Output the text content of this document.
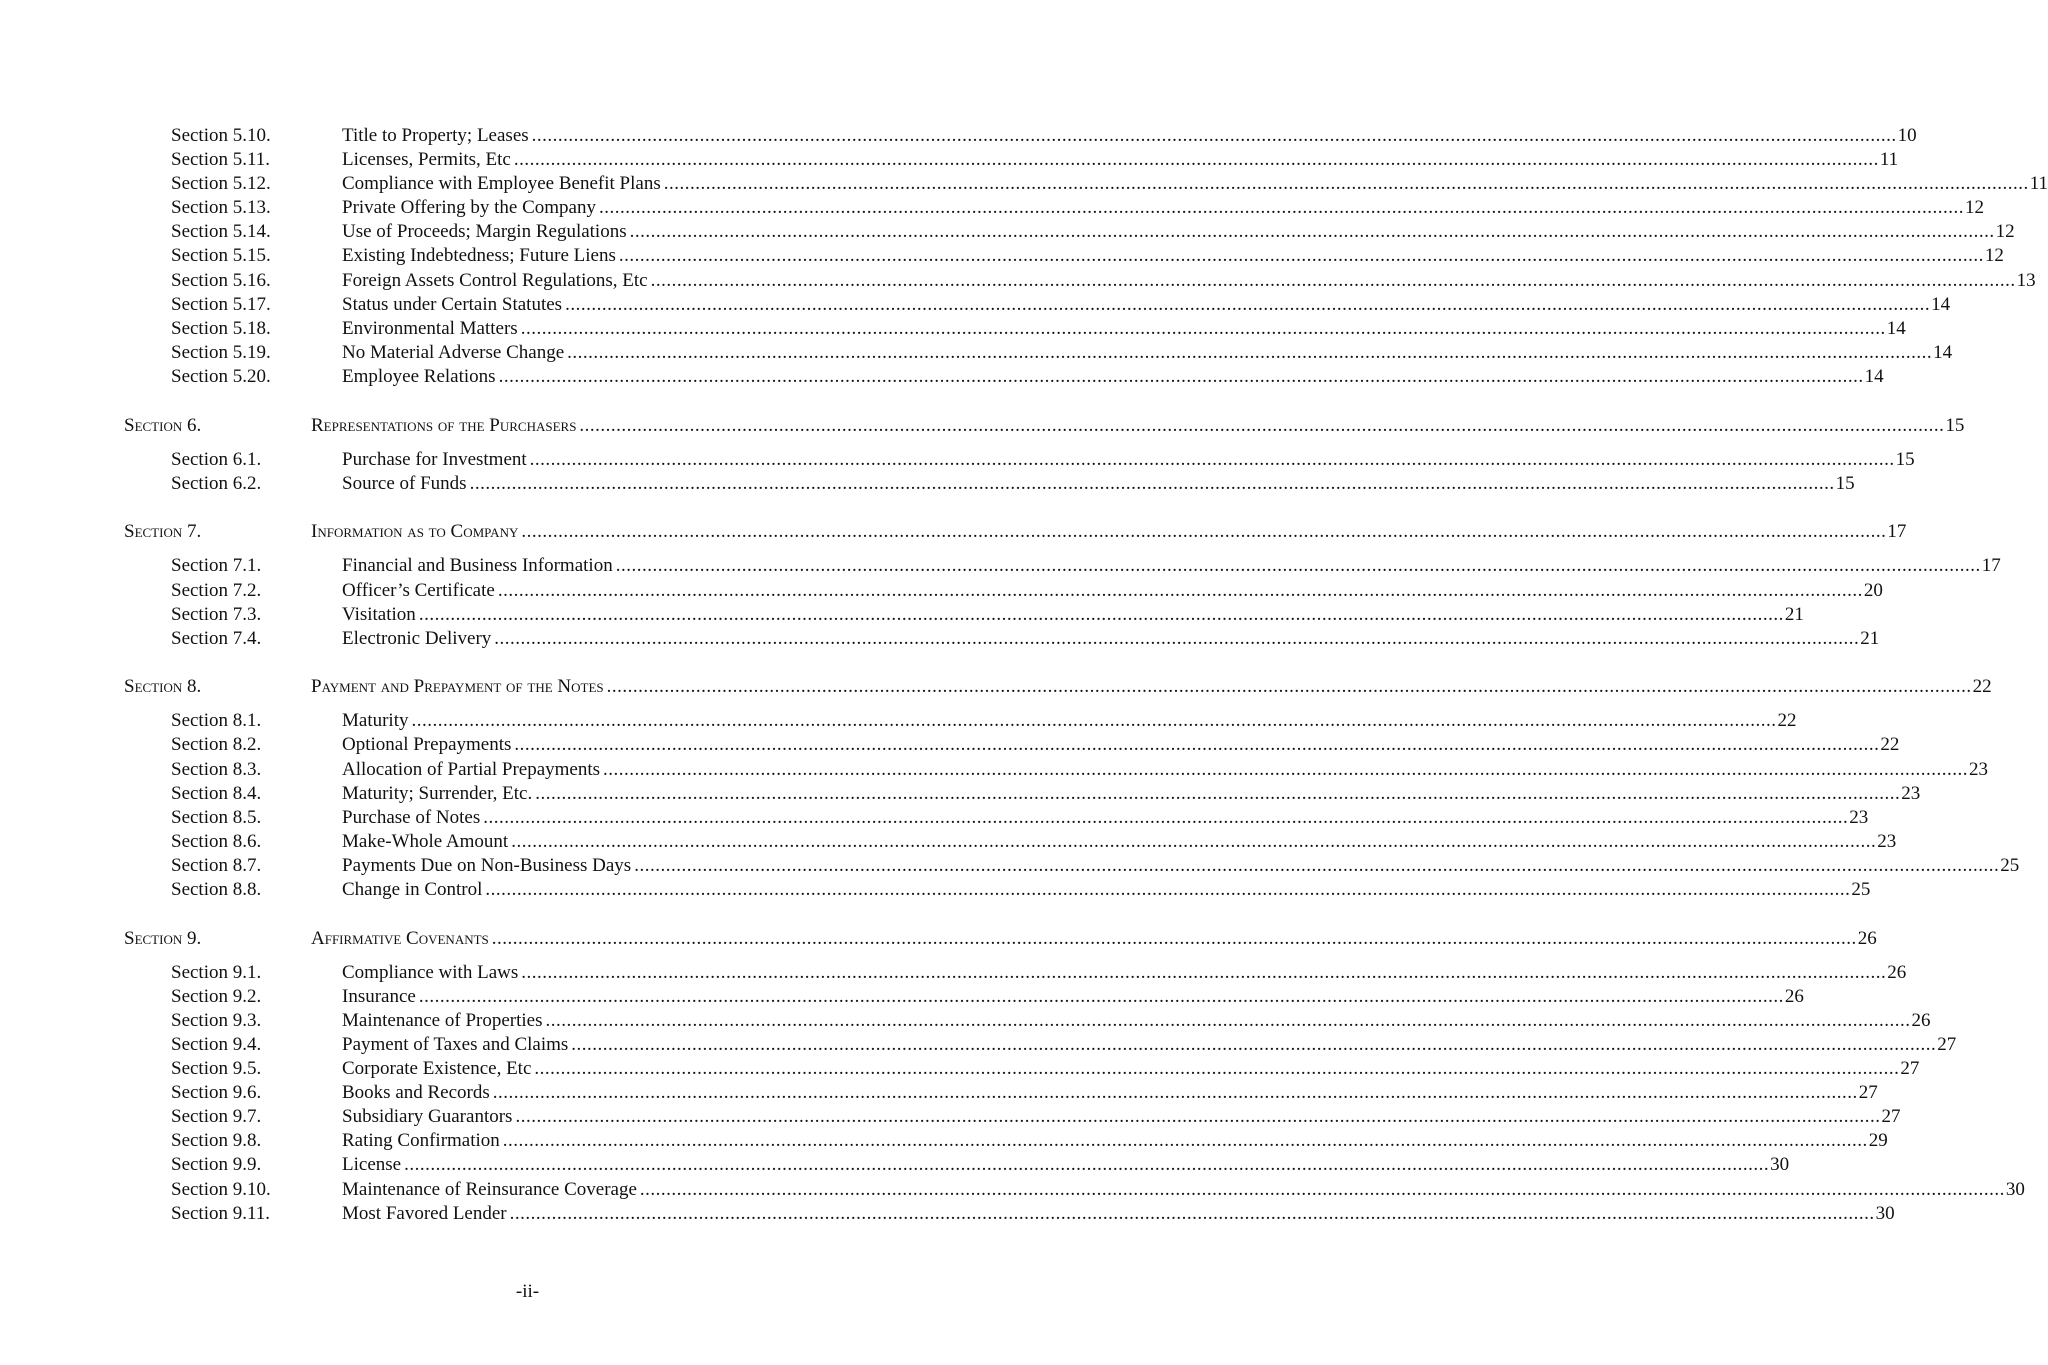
Section 5.10.	Title to Property; Leases .................................................................................................................................................................................................................................................................... 10
Section 5.11.	Licenses, Permits, Etc .................................................................................................................................................................................................................................................................... 11
Section 5.12.	Compliance with Employee Benefit Plans .................................................................................................................................................................................................................................................................... 11
Section 5.13.	Private Offering by the Company .................................................................................................................................................................................................................................................................... 12
Section 5.14.	Use of Proceeds; Margin Regulations .................................................................................................................................................................................................................................................................... 12
Section 5.15.	Existing Indebtedness; Future Liens .................................................................................................................................................................................................................................................................... 12
Section 5.16.	Foreign Assets Control Regulations, Etc .................................................................................................................................................................................................................................................................... 13
Section 5.17.	Status under Certain Statutes .................................................................................................................................................................................................................................................................... 14
Section 5.18.	Environmental Matters .................................................................................................................................................................................................................................................................... 14
Section 5.19.	No Material Adverse Change .................................................................................................................................................................................................................................................................... 14
Section 5.20.	Employee Relations .................................................................................................................................................................................................................................................................... 14
Section 6.	Representations of the Purchasers .................................................................................................................................................................................................................................................................... 15
Section 6.1.	Purchase for Investment .................................................................................................................................................................................................................................................................... 15
Section 6.2.	Source of Funds .................................................................................................................................................................................................................................................................... 15
Section 7.	Information as to Company .................................................................................................................................................................................................................................................................... 17
Section 7.1.	Financial and Business Information .................................................................................................................................................................................................................................................................... 17
Section 7.2.	Officer’s Certificate .................................................................................................................................................................................................................................................................... 20
Section 7.3.	Visitation .................................................................................................................................................................................................................................................................... 21
Section 7.4.	Electronic Delivery .................................................................................................................................................................................................................................................................... 21
Section 8.	Payment and Prepayment of the Notes .................................................................................................................................................................................................................................................................... 22
Section 8.1.	Maturity .................................................................................................................................................................................................................................................................... 22
Section 8.2.	Optional Prepayments .................................................................................................................................................................................................................................................................... 22
Section 8.3.	Allocation of Partial Prepayments .................................................................................................................................................................................................................................................................... 23
Section 8.4.	Maturity; Surrender, Etc. .................................................................................................................................................................................................................................................................... 23
Section 8.5.	Purchase of Notes .................................................................................................................................................................................................................................................................... 23
Section 8.6.	Make-Whole Amount .................................................................................................................................................................................................................................................................... 23
Section 8.7.	Payments Due on Non-Business Days .................................................................................................................................................................................................................................................................... 25
Section 8.8.	Change in Control .................................................................................................................................................................................................................................................................... 25
Section 9.	Affirmative Covenants .................................................................................................................................................................................................................................................................... 26
Section 9.1.	Compliance with Laws .................................................................................................................................................................................................................................................................... 26
Section 9.2.	Insurance .................................................................................................................................................................................................................................................................... 26
Section 9.3.	Maintenance of Properties .................................................................................................................................................................................................................................................................... 26
Section 9.4.	Payment of Taxes and Claims .................................................................................................................................................................................................................................................................... 27
Section 9.5.	Corporate Existence, Etc .................................................................................................................................................................................................................................................................... 27
Section 9.6.	Books and Records .................................................................................................................................................................................................................................................................... 27
Section 9.7.	Subsidiary Guarantors .................................................................................................................................................................................................................................................................... 27
Section 9.8.	Rating Confirmation .................................................................................................................................................................................................................................................................... 29
Section 9.9.	License .................................................................................................................................................................................................................................................................... 30
Section 9.10.	Maintenance of Reinsurance Coverage .................................................................................................................................................................................................................................................................... 30
Section 9.11.	Most Favored Lender .................................................................................................................................................................................................................................................................... 30
-ii-
